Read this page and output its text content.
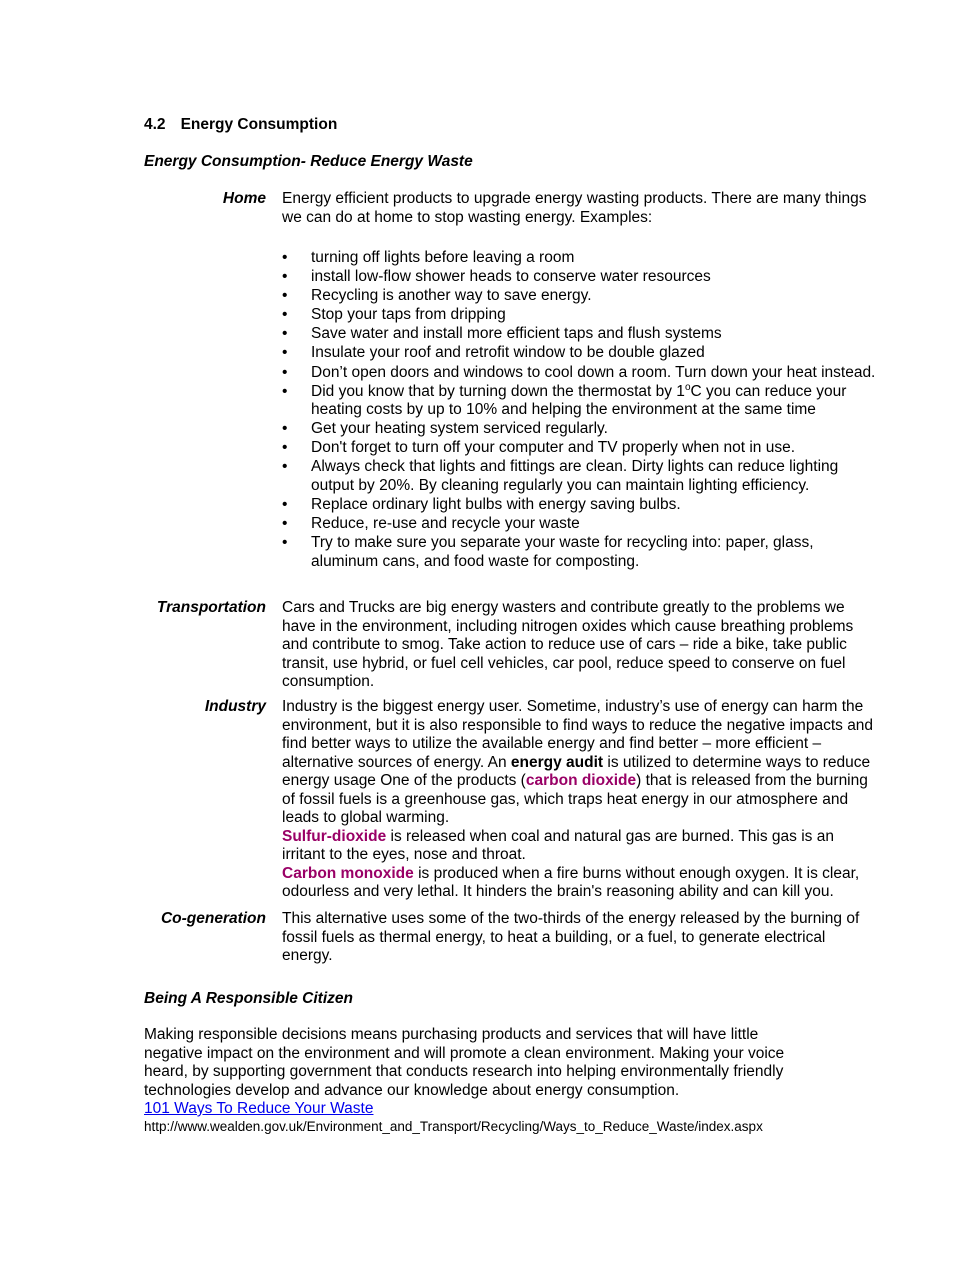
4.2 Energy Consumption
Energy Consumption- Reduce Energy Waste
Home Energy efficient products to upgrade energy wasting products. There are many things
we can do at home to stop wasting energy. Examples:
• turning off lights before leaving a room
• install low-flow shower heads to conserve water resources
• Recycling is another way to save energy.
• Stop your taps from dripping
• Save water and install more efficient taps and flush systems
• Insulate your roof and retrofit window to be double glazed
• Don’t open doors and windows to cool down a room. Turn down your heat instead.
• Did you know that by turning down the thermostat by 1$^o$C you can reduce your
heating costs by up to 10% and helping the environment at the same time
• Get your heating system serviced regularly.
• Don't forget to turn off your computer and TV properly when not in use.
• Always check that lights and fittings are clean. Dirty lights can reduce lighting
output by 20%. By cleaning regularly you can maintain lighting efficiency.
• Replace ordinary light bulbs with energy saving bulbs.
• Reduce, re-use and recycle your waste
• Try to make sure you separate your waste for recycling into: paper, glass,
aluminum cans, and food waste for composting.
Transportation Cars and Trucks are big energy wasters and contribute greatly to the problems we
have in the environment, including nitrogen oxides which cause breathing problems
and contribute to smog. Take action to reduce use of cars – ride a bike, take public
transit, use hybrid, or fuel cell vehicles, car pool, reduce speed to conserve on fuel
consumption.
Industry Industry is the biggest energy user. Sometime, industry’s use of energy can harm the
environment, but it is also responsible to find ways to reduce the negative impacts and
find better ways to utilize the available energy and find better – more efficient –
alternative sources of energy. An energy audit is utilized to determine ways to reduce
energy usage One of the products (carbon dioxide) that is released from the burning
of fossil fuels is a greenhouse gas, which traps heat energy in our atmosphere and
leads to global warming.
Sulfur-dioxide is released when coal and natural gas are burned. This gas is an
irritant to the eyes, nose and throat.
Carbon monoxide is produced when a fire burns without enough oxygen. It is clear,
odourless and very lethal. It hinders the brain's reasoning ability and can kill you.
Co-generation This alternative uses some of the two-thirds of the energy released by the burning of
fossil fuels as thermal energy, to heat a building, or a fuel, to generate electrical
energy.
Being A Responsible Citizen
Making responsible decisions means purchasing products and services that will have little
negative impact on the environment and will promote a clean environment. Making your voice
heard, by supporting government that conducts research into helping environmentally friendly
technologies develop and advance our knowledge about energy consumption.
101 Ways To Reduce Your Waste
http://www.wealden.gov.uk/Environment_and_Transport/Recycling/Ways_to_Reduce_Waste/index.aspx
